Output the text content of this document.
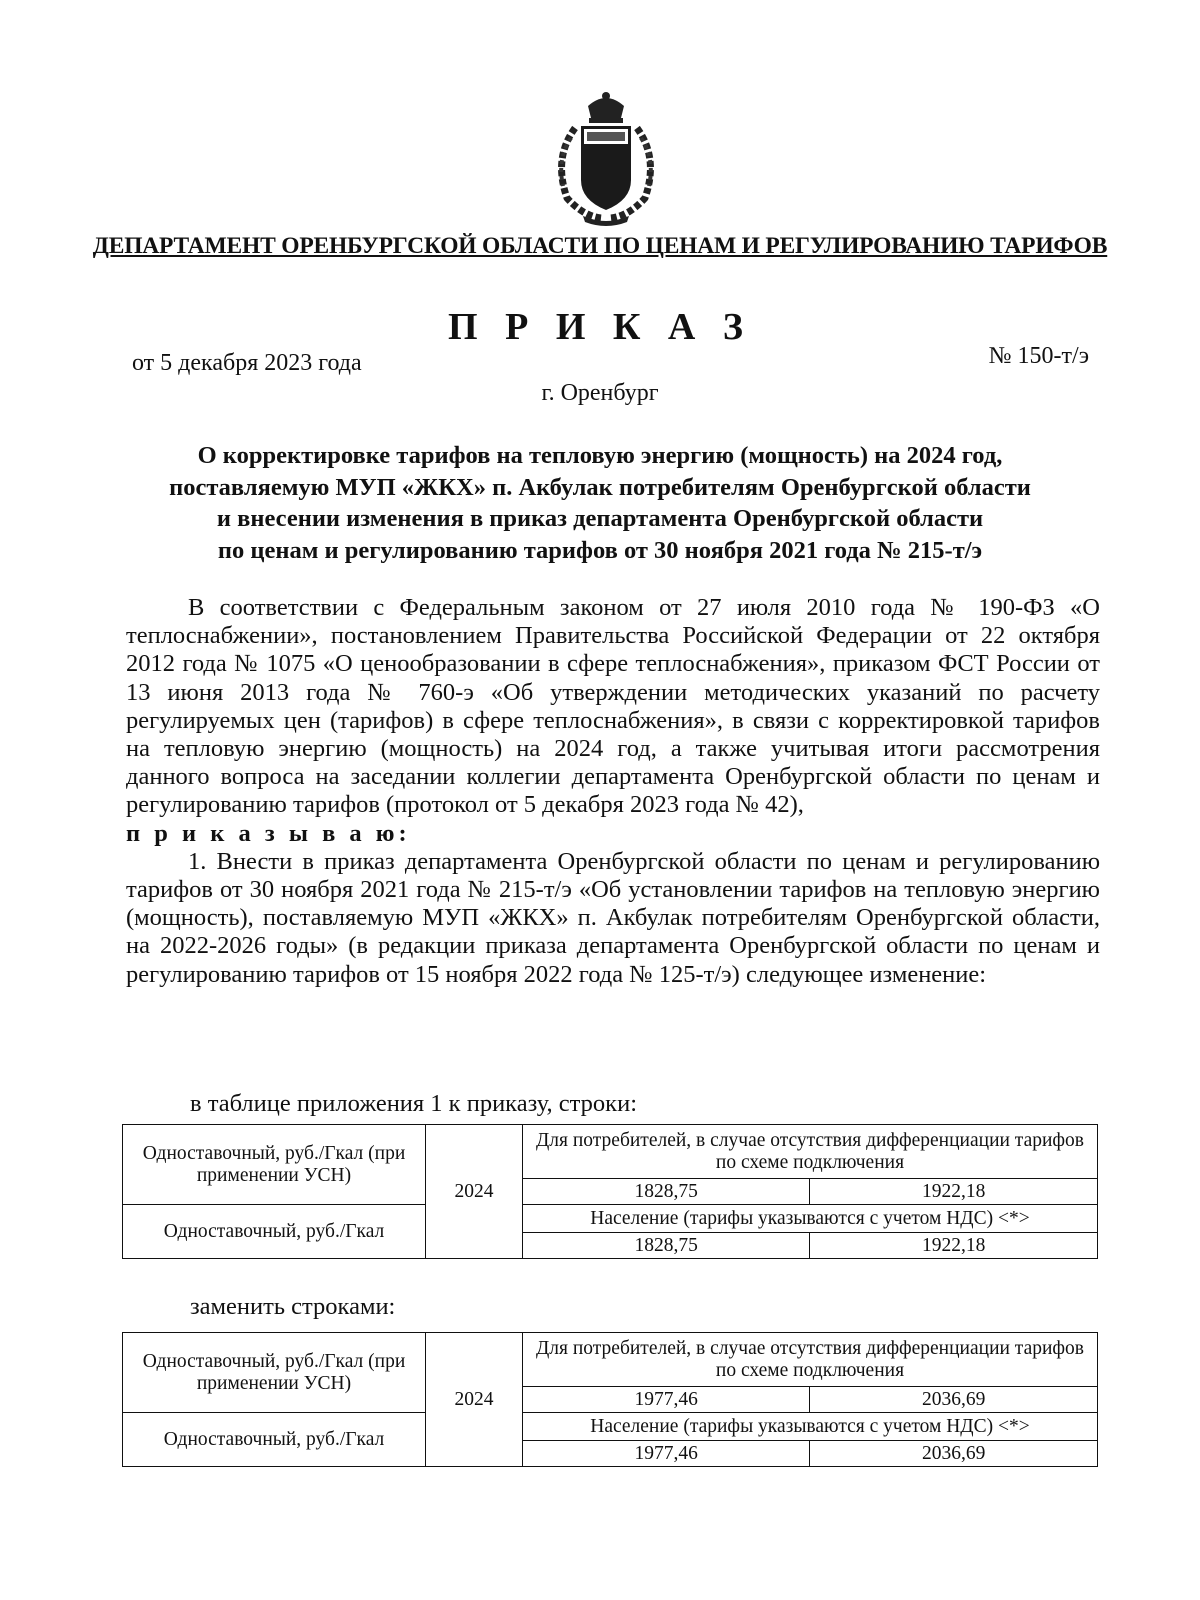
ДЕПАРТАМЕНТ ОРЕНБУРГСКОЙ ОБЛАСТИ ПО ЦЕНАМ И РЕГУЛИРОВАНИЮ ТАРИФОВ
П Р И К А З
от 5 декабря 2023 года	№ 150-т/э
г. Оренбург
О корректировке тарифов на тепловую энергию (мощность) на 2024 год,
поставляемую МУП «ЖКХ» п. Акбулак потребителям Оренбургской области
и внесении изменения в приказ департамента Оренбургской области
по ценам и регулированию тарифов от 30 ноября 2021 года № 215-т/э

В соответствии с Федеральным законом от 27 июля 2010 года № 190-ФЗ «О теплоснабжении», постановлением Правительства Российской Федерации от 22 октября 2012 года № 1075 «О ценообразовании в сфере теплоснабжения», приказом ФСТ России от 13 июня 2013 года № 760-э «Об утверждении методических указаний по расчету регулируемых цен (тарифов) в сфере теплоснабжения», в связи с корректировкой тарифов на тепловую энергию (мощность) на 2024 год, а также учитывая итоги рассмотрения данного вопроса на заседании коллегии департамента Оренбургской области по ценам и регулированию тарифов (протокол от 5 декабря 2023 года № 42),

п р и к а з ы в а ю:

1. Внести в приказ департамента Оренбургской области по ценам и регулированию тарифов от 30 ноября 2021 года № 215-т/э «Об установлении тарифов на тепловую энергию (мощность), поставляемую МУП «ЖКХ» п. Акбулак потребителям Оренбургской области, на 2022-2026 годы» (в редакции приказа департамента Оренбургской области по ценам и регулированию тарифов от 15 ноября 2022 года № 125-т/э) следующее изменение:

в таблице приложения 1 к приказу, строки:
Одноставочный, руб./Гкал (при применении УСН)	2024	Для потребителей, в случае отсутствия дифференциации тарифов по схеме подключения	
		1828,75	1922,18
Одноставочный, руб./Гкал		Население (тарифы указываются с учетом НДС) <*>	
		1828,75	1922,18
заменить строками:
Одноставочный, руб./Гкал (при применении УСН)	2024	Для потребителей, в случае отсутствия дифференциации тарифов по схеме подключения	
		1977,46	2036,69
Одноставочный, руб./Гкал		Население (тарифы указываются с учетом НДС) <*>	
		1977,46	2036,69
